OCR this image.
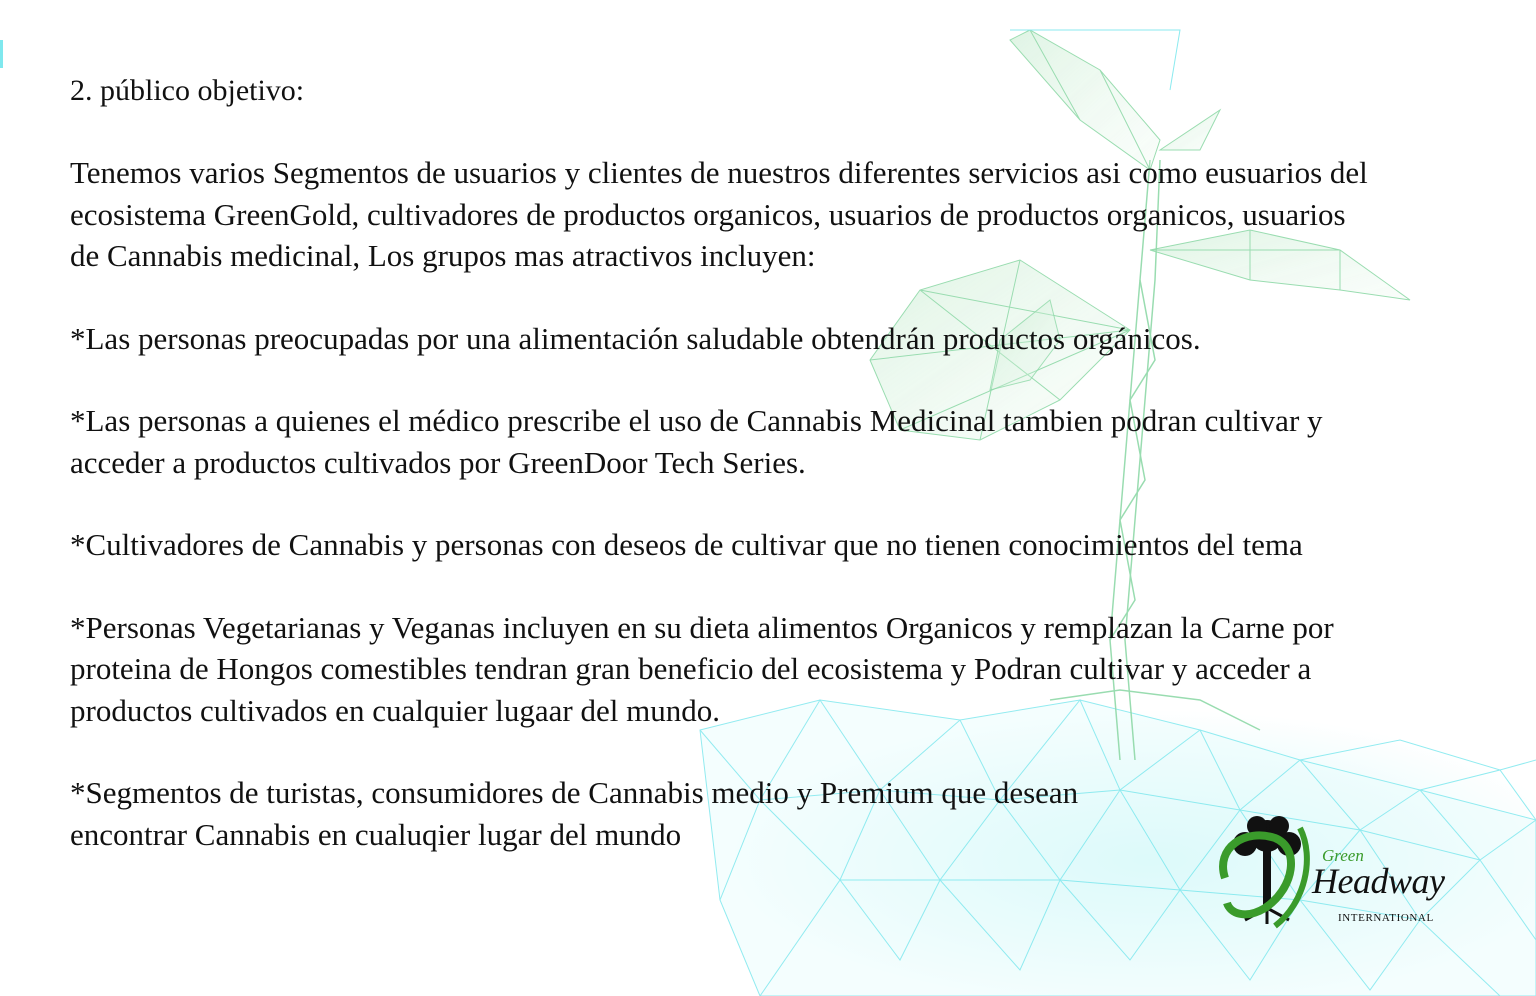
2. público objetivo:

Tenemos varios Segmentos de usuarios y clientes de nuestros diferentes servicios asi como eusuarios del ecosistema GreenGold, cultivadores de productos organicos, usuarios de productos organicos, usuarios de Cannabis medicinal, Los grupos mas atractivos incluyen:

*Las personas preocupadas por una alimentación saludable obtendrán productos orgánicos.

*Las personas a quienes el médico prescribe el uso de Cannabis Medicinal tambien podran cultivar y acceder a productos cultivados por GreenDoor Tech Series.

*Cultivadores de Cannabis y personas con deseos de cultivar que no tienen conocimientos del tema

*Personas Vegetarianas y Veganas incluyen en su dieta alimentos Organicos y remplazan la Carne por proteina de Hongos comestibles tendran gran beneficio del ecosistema y Podran cultivar y acceder a productos cultivados en cualquier lugaar del mundo.

*Segmentos de turistas, consumidores de Cannabis medio y Premium que desean encontrar Cannabis en cualuqier lugar del mundo

Green
Headway
INTERNATIONAL
